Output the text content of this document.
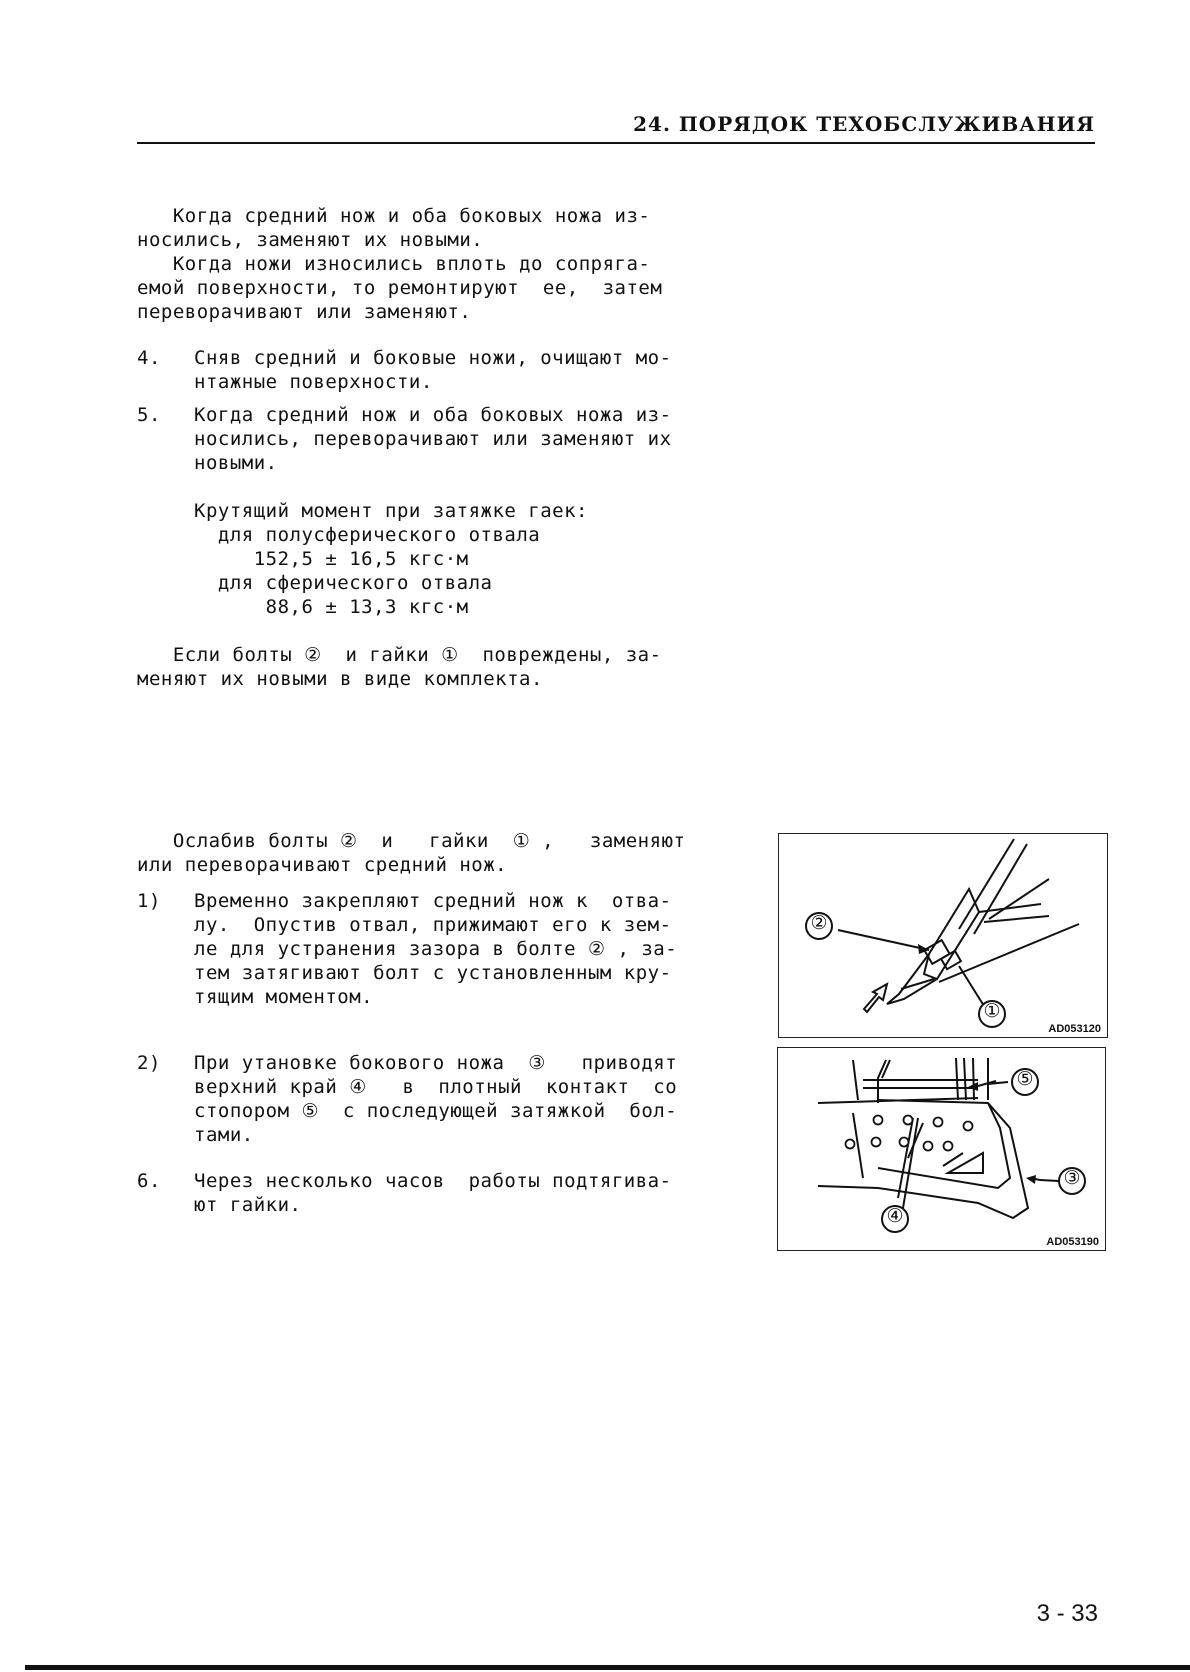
24. ПОРЯДОК ТЕХОБСЛУЖИВАНИЯ

Когда средний нож и оба боковых ножа из-
носились, заменяют их новыми.

Когда ножи износились вплоть до сопряга-
емой поверхности, то ремонтируют  ее,  затем
переворачивают или заменяют.

4.	Сняв средний и боковые ножи, очищают мо-
нтажные поверхности.
5.	Когда средний нож и оба боковых ножа из-
носились, переворачивают или заменяют их
новыми.

Крутящий момент при затяжке гаек:

для полусферического отвала

152,5 ± 16,5 кгс·м

для сферического отвала

88,6 ± 13,3 кгс·м

Если болты ②  и гайки ①  повреждены, за-
меняют их новыми в виде комплекта.

Ослабив болты ②  и   гайки  ① ,   заменяют
или переворачивают средний нож.

1)	Временно закрепляют средний нож к  отва-
лу.  Опустив отвал, прижимают его к зем-
ле для устранения зазора в болте ② , за-
тем затягивают болт с установленным кру-
тящим моментом.
2)	При утановке бокового ножа  ③   приводят
верхний край ④   в  плотный  контакт  со
стопором ⑤  с последующей затяжкой  бол-
тами.
6.	Через несколько часов  работы подтягива-
ют гайки.
②
①
AD053120
⑤
③
④
AD053190
3 - 33
